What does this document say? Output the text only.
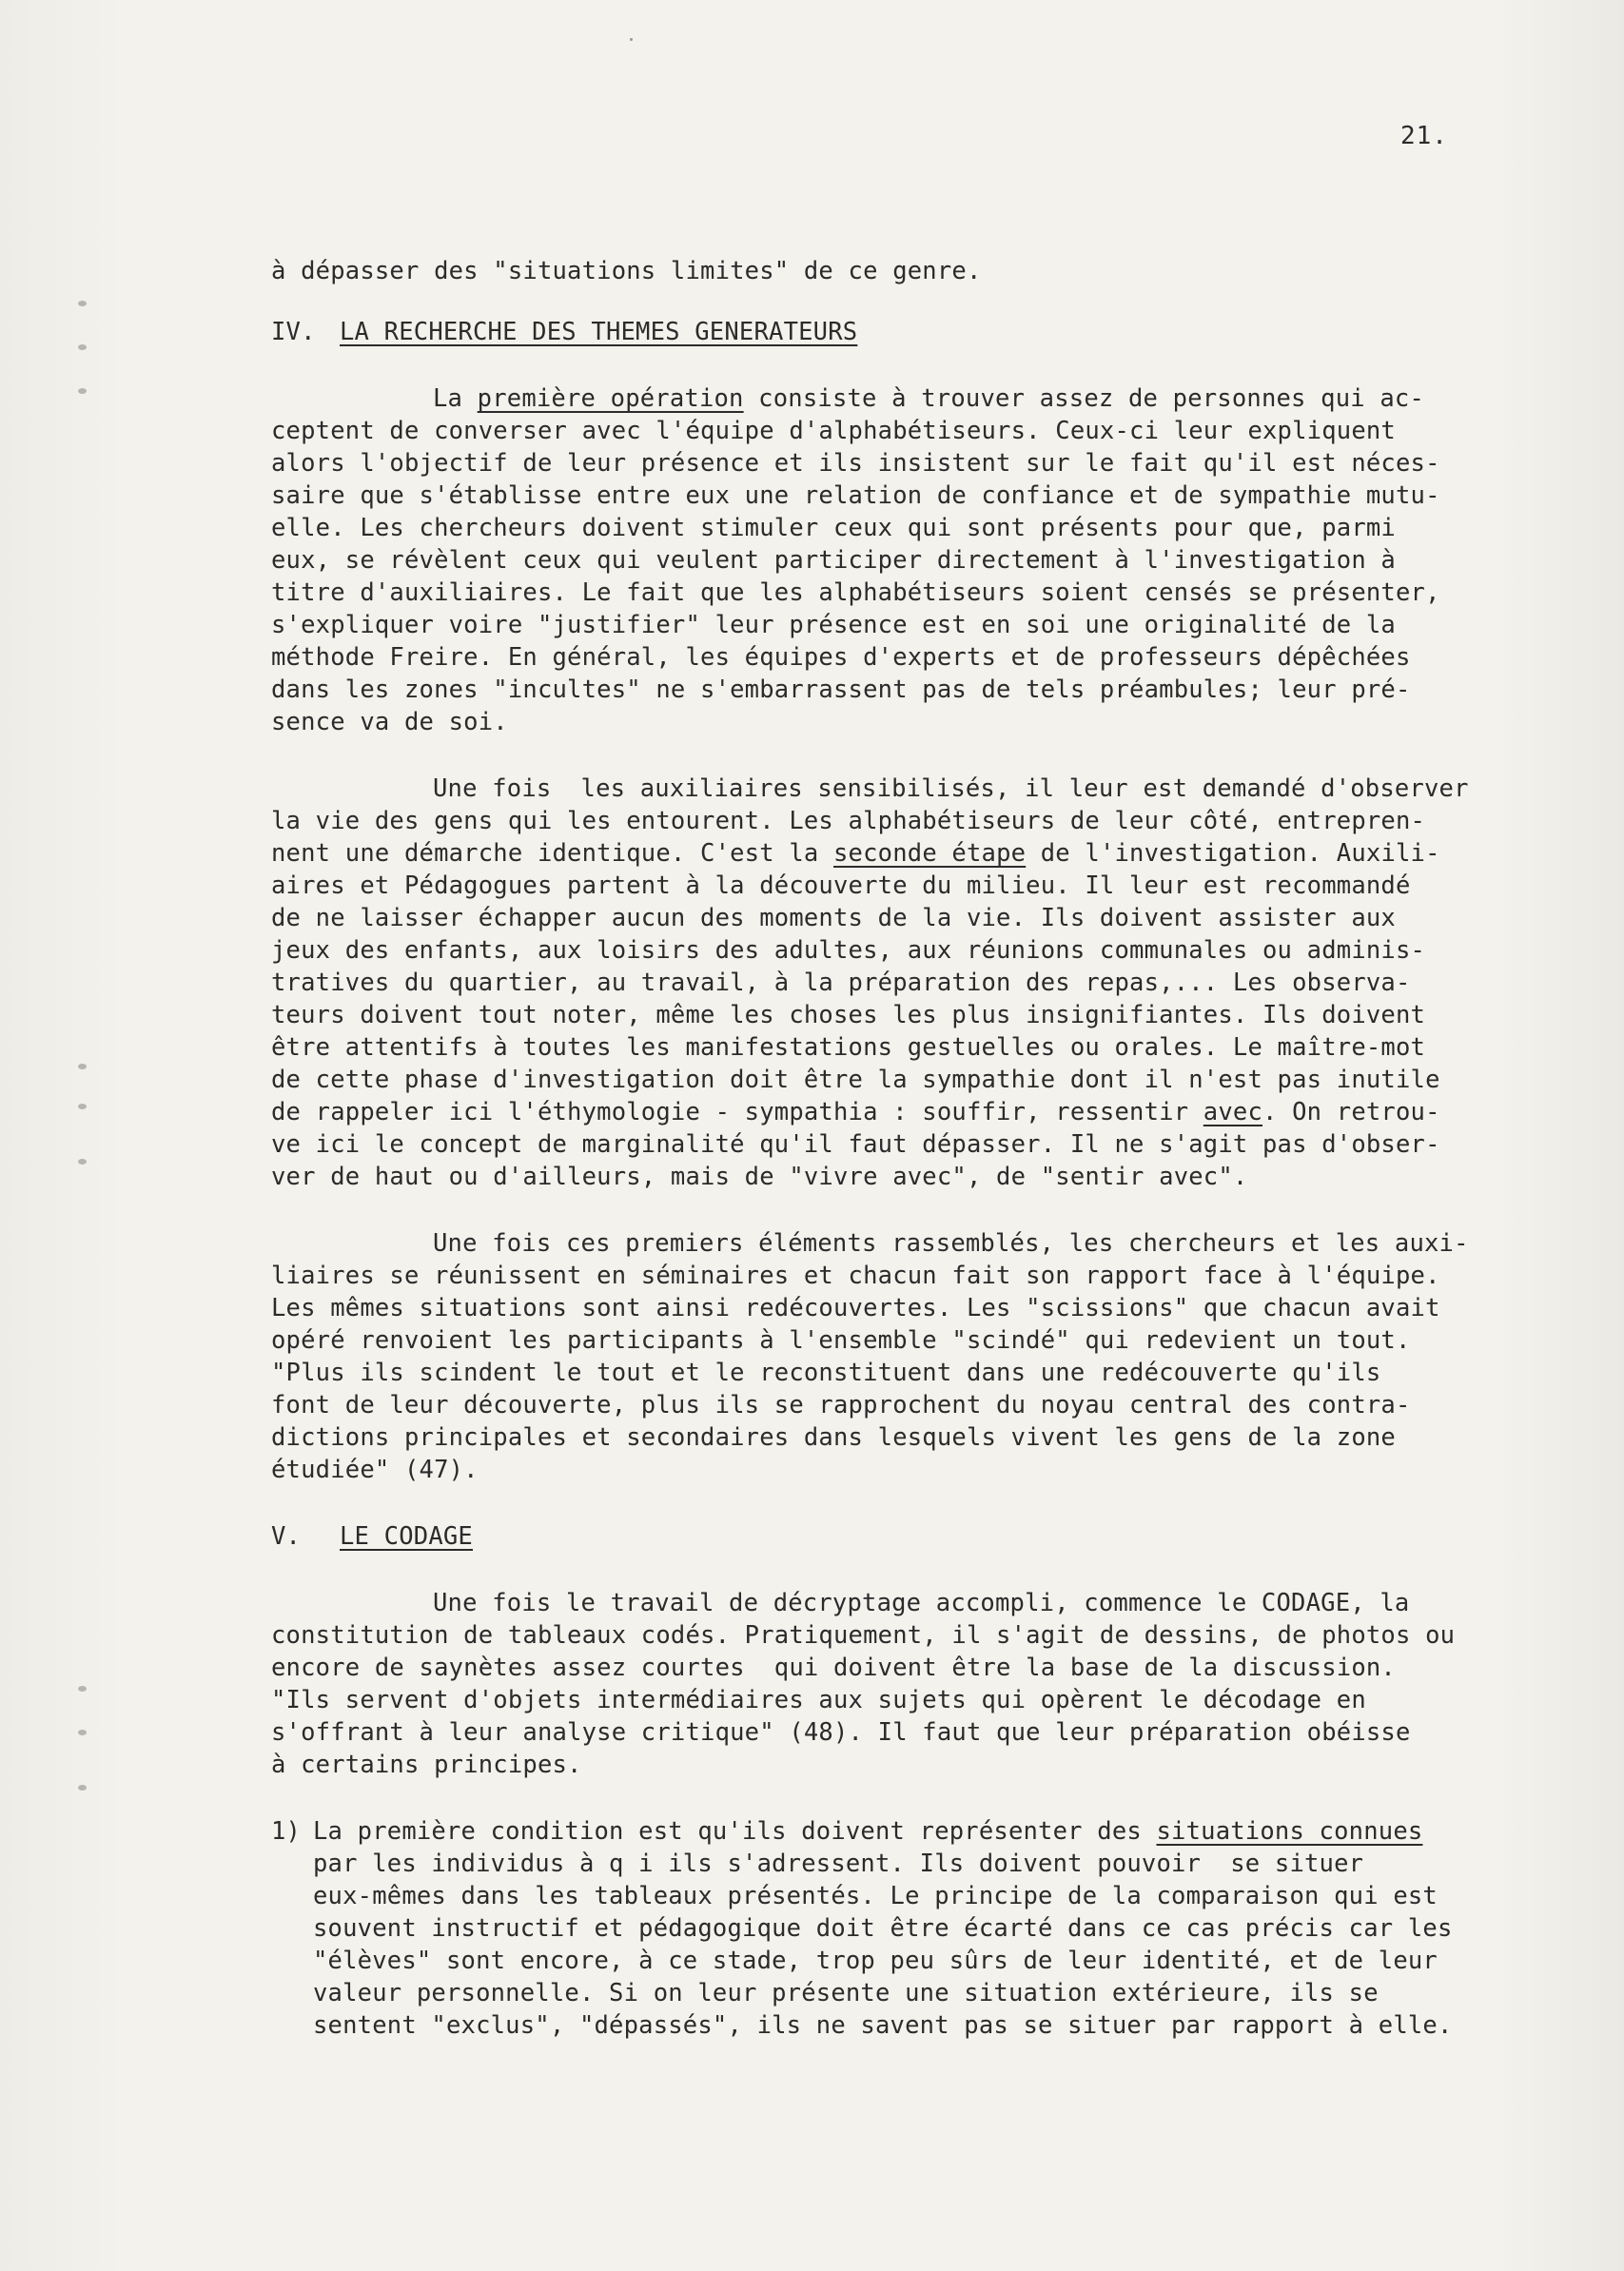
21.
à dépasser des "situations limites" de ce genre.
IV. LA RECHERCHE DES THEMES GENERATEURS
La première opération consiste à trouver assez de personnes qui ac-
ceptent de converser avec l'équipe d'alphabétiseurs. Ceux-ci leur expliquent
alors l'objectif de leur présence et ils insistent sur le fait qu'il est néces-
saire que s'établisse entre eux une relation de confiance et de sympathie mutu-
elle. Les chercheurs doivent stimuler ceux qui sont présents pour que, parmi
eux, se révèlent ceux qui veulent participer directement à l'investigation à
titre d'auxiliaires. Le fait que les alphabétiseurs soient censés se présenter,
s'expliquer voire "justifier" leur présence est en soi une originalité de la
méthode Freire. En général, les équipes d'experts et de professeurs dépêchées
dans les zones "incultes" ne s'embarrassent pas de tels préambules; leur pré-
sence va de soi.
Une fois  les auxiliaires sensibilisés, il leur est demandé d'observer
la vie des gens qui les entourent. Les alphabétiseurs de leur côté, entrepren-
nent une démarche identique. C'est la seconde étape de l'investigation. Auxili-
aires et Pédagogues partent à la découverte du milieu. Il leur est recommandé
de ne laisser échapper aucun des moments de la vie. Ils doivent assister aux
jeux des enfants, aux loisirs des adultes, aux réunions communales ou adminis-
tratives du quartier, au travail, à la préparation des repas,... Les observa-
teurs doivent tout noter, même les choses les plus insignifiantes. Ils doivent
être attentifs à toutes les manifestations gestuelles ou orales. Le maître-mot
de cette phase d'investigation doit être la sympathie dont il n'est pas inutile
de rappeler ici l'éthymologie - sympathia : souffir, ressentir avec. On retrou-
ve ici le concept de marginalité qu'il faut dépasser. Il ne s'agit pas d'obser-
ver de haut ou d'ailleurs, mais de "vivre avec", de "sentir avec".
Une fois ces premiers éléments rassemblés, les chercheurs et les auxi-
liaires se réunissent en séminaires et chacun fait son rapport face à l'équipe.
Les mêmes situations sont ainsi redécouvertes. Les "scissions" que chacun avait
opéré renvoient les participants à l'ensemble "scindé" qui redevient un tout.
"Plus ils scindent le tout et le reconstituent dans une redécouverte qu'ils
font de leur découverte, plus ils se rapprochent du noyau central des contra-
dictions principales et secondaires dans lesquels vivent les gens de la zone
étudiée" (47).
V. LE CODAGE
Une fois le travail de décryptage accompli, commence le CODAGE, la
constitution de tableaux codés. Pratiquement, il s'agit de dessins, de photos ou
encore de saynètes assez courtes  qui doivent être la base de la discussion.
"Ils servent d'objets intermédiaires aux sujets qui opèrent le décodage en
s'offrant à leur analyse critique" (48). Il faut que leur préparation obéisse
à certains principes.
1) La première condition est qu'ils doivent représenter des situations connues
par les individus à q i ils s'adressent. Ils doivent pouvoir  se situer
eux-mêmes dans les tableaux présentés. Le principe de la comparaison qui est
souvent instructif et pédagogique doit être écarté dans ce cas précis car les
"élèves" sont encore, à ce stade, trop peu sûrs de leur identité, et de leur
valeur personnelle. Si on leur présente une situation extérieure, ils se
sentent "exclus", "dépassés", ils ne savent pas se situer par rapport à elle.
